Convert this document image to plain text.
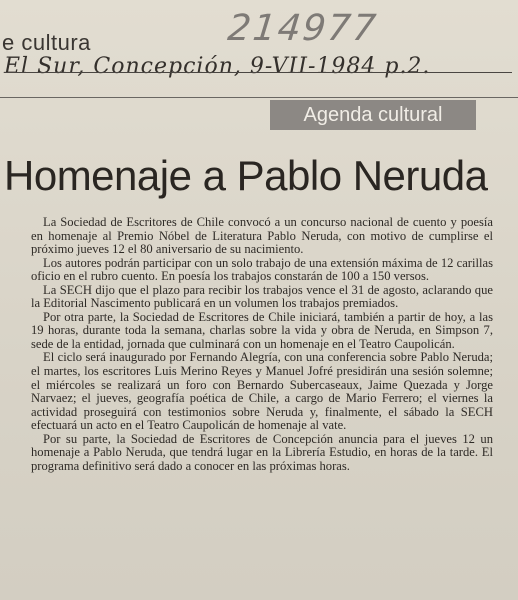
e cultura	214977
El Sur, Concepción, 9-VII-1984 p.2.
Agenda cultural
Homenaje a Pablo Neruda

La Sociedad de Escritores de Chile convocó a un concurso nacional de cuento y poesía en homenaje al Premio Nóbel de Literatura Pablo Neruda, con motivo de cumplirse el próximo jueves 12 el 80 aniversario de su nacimiento.

Los autores podrán participar con un solo trabajo de una extensión máxima de 12 carillas oficio en el rubro cuento. En poesía los trabajos constarán de 100 a 150 versos.

La SECH dijo que el plazo para recibir los trabajos vence el 31 de agosto, aclarando que la Editorial Nascimento publicará en un volumen los trabajos premiados.

Por otra parte, la Sociedad de Escritores de Chile iniciará, también a partir de hoy, a las 19 horas, durante toda la semana, charlas sobre la vida y obra de Neruda, en Simpson 7, sede de la entidad, jornada que culminará con un homenaje en el Teatro Caupolicán.

El ciclo será inaugurado por Fernando Alegría, con una conferencia sobre Pablo Neruda; el martes, los escritores Luis Merino Reyes y Manuel Jofré presidirán una sesión solemne; el miércoles se realizará un foro con Bernardo Subercaseaux, Jaime Quezada y Jorge Narvaez; el jueves, geografía poética de Chile, a cargo de Mario Ferrero; el viernes la actividad proseguirá con testimonios sobre Neruda y, finalmente, el sábado la SECH efectuará un acto en el Teatro Caupolicán de homenaje al vate.

Por su parte, la Sociedad de Escritores de Concepción anuncia para el jueves 12 un homenaje a Pablo Neruda, que tendrá lugar en la Librería Estudio, en horas de la tarde. El programa definitivo será dado a conocer en las próximas horas.
